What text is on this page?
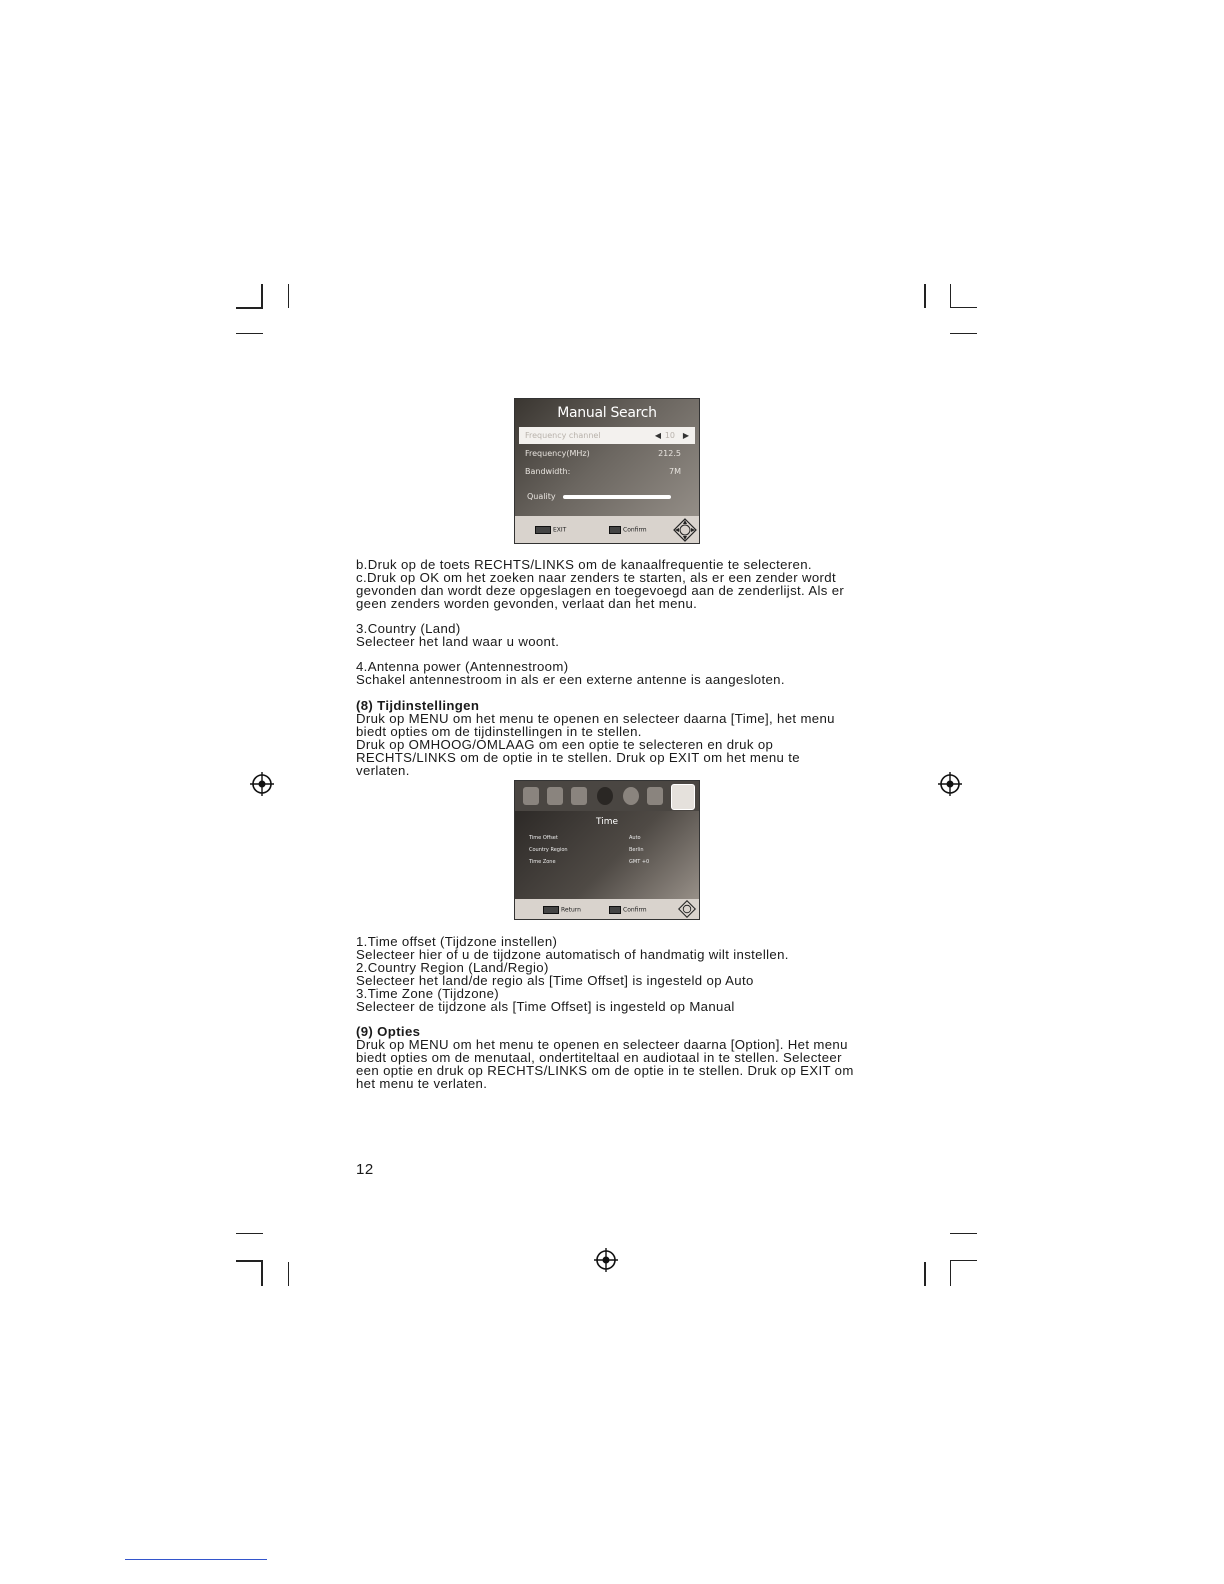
Manual Search
Frequency channel	◀ 10 ▶
Frequency(MHz)	212.5
Bandwidth:	7M
Quality
EXIT	Confirm

b.Druk op de toets RECHTS/LINKS om de kanaalfrequentie te selecteren.

c.Druk op OK om het zoeken naar zenders te starten, als er een zender wordt

gevonden dan wordt deze opgeslagen en toegevoegd aan de zenderlijst. Als er

geen zenders worden gevonden, verlaat dan het menu.

3.Country (Land)

Selecteer het land waar u woont.

4.Antenna power (Antennestroom)

Schakel antennestroom in als er een externe antenne is aangesloten.

(8) Tijdinstellingen

Druk op MENU om het menu te openen en selecteer daarna [Time], het menu

biedt opties om de tijdinstellingen in te stellen.

Druk op OMHOOG/OMLAAG om een optie te selecteren en druk op

RECHTS/LINKS om de optie in te stellen. Druk op EXIT om het menu te

verlaten.

Time
Time Offset	Auto
Country Region	Berlin
Time Zone	GMT +0
Return	Confirm

1.Time offset (Tijdzone instellen)

Selecteer hier of u de tijdzone automatisch of handmatig wilt instellen.

2.Country Region (Land/Regio)

Selecteer het land/de regio als [Time Offset] is ingesteld op Auto

3.Time Zone (Tijdzone)

Selecteer de tijdzone als [Time Offset] is ingesteld op Manual

(9) Opties

Druk op MENU om het menu te openen en selecteer daarna [Option]. Het menu

biedt opties om de menutaal, ondertiteltaal en audiotaal in te stellen. Selecteer

een optie en druk op RECHTS/LINKS om de optie in te stellen. Druk op EXIT om

het menu te verlaten.

12
